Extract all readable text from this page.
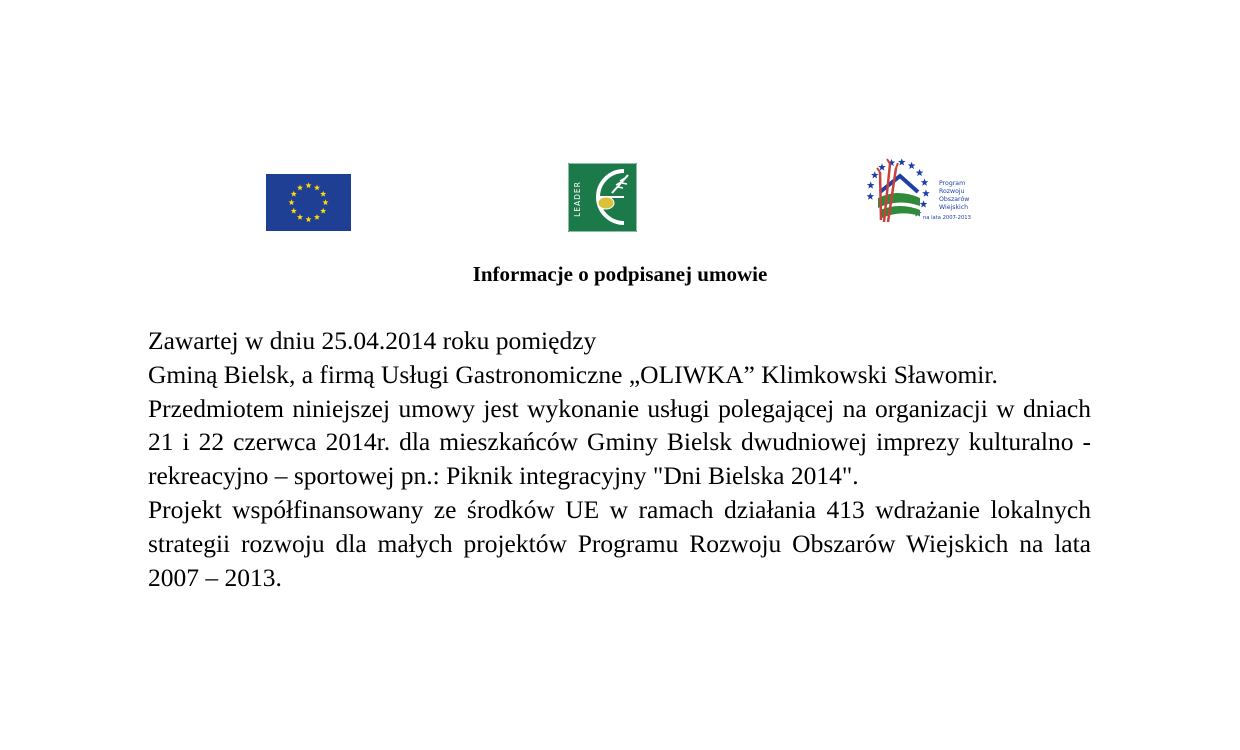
LEADER	Program
Rozwoju
Obszarów
Wiejskich
na lata 2007-2013
Informacje o podpisanej umowie

Zawartej w dniu 25.04.2014 roku pomiędzy

Gminą Bielsk, a firmą Usługi Gastronomiczne „OLIWKA” Klimkowski Sławomir.

Przedmiotem niniejszej umowy jest wykonanie usługi polegającej na organizacji w dniach 21 i 22 czerwca 2014r. dla mieszkańców Gminy Bielsk dwudniowej imprezy kulturalno - rekreacyjno – sportowej pn.: Piknik integracyjny "Dni Bielska 2014".

Projekt współfinansowany ze środków UE w ramach działania 413 wdrażanie lokalnych strategii rozwoju dla małych projektów Programu Rozwoju Obszarów Wiejskich na lata 2007 – 2013.
